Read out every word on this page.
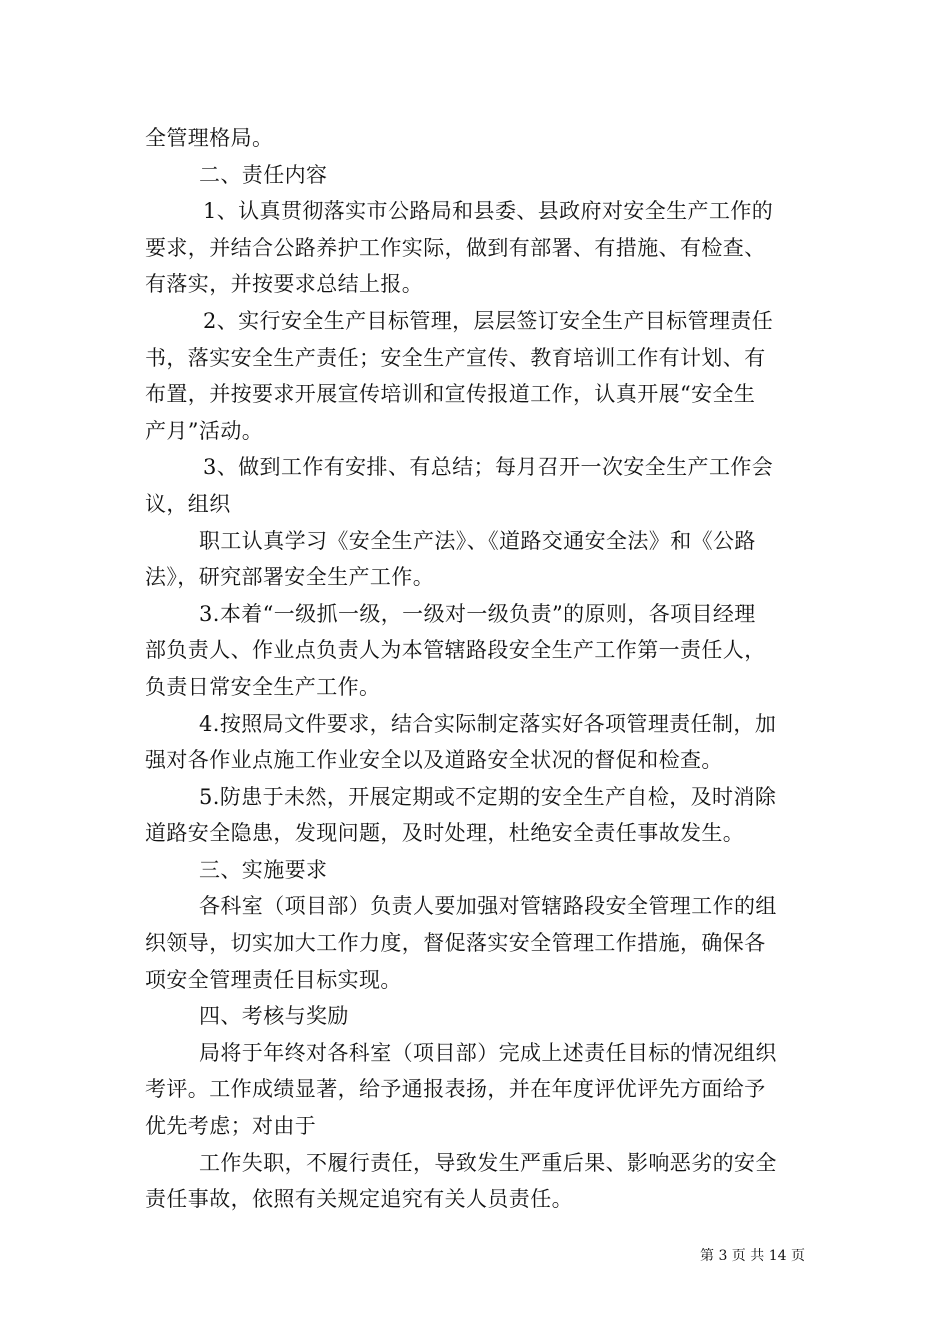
全管理格局。
二、责任内容
1、认真贯彻落实市公路局和县委、县政府对安全生产工作的
要求，并结合公路养护工作实际，做到有部署、有措施、有检查、
有落实，并按要求总结上报。
2、实行安全生产目标管理，层层签订安全生产目标管理责任
书，落实安全生产责任；安全生产宣传、教育培训工作有计划、有
布置，并按要求开展宣传培训和宣传报道工作，认真开展“安全生
产月”活动。
3、做到工作有安排、有总结；每月召开一次安全生产工作会
议，组织
职工认真学习《安全生产法》、《道路交通安全法》和《公路
法》，研究部署安全生产工作。
3.本着“一级抓一级，一级对一级负责”的原则，各项目经理
部负责人、作业点负责人为本管辖路段安全生产工作第一责任人，
负责日常安全生产工作。
4.按照局文件要求，结合实际制定落实好各项管理责任制，加
强对各作业点施工作业安全以及道路安全状况的督促和检查。
5.防患于未然，开展定期或不定期的安全生产自检，及时消除
道路安全隐患，发现问题，及时处理，杜绝安全责任事故发生。
三、实施要求
各科室（项目部）负责人要加强对管辖路段安全管理工作的组
织领导，切实加大工作力度，督促落实安全管理工作措施，确保各
项安全管理责任目标实现。
四、考核与奖励
局将于年终对各科室（项目部）完成上述责任目标的情况组织
考评。工作成绩显著，给予通报表扬，并在年度评优评先方面给予
优先考虑；对由于
工作失职，不履行责任，导致发生严重后果、影响恶劣的安全
责任事故，依照有关规定追究有关人员责任。
第 3 页 共 14 页
